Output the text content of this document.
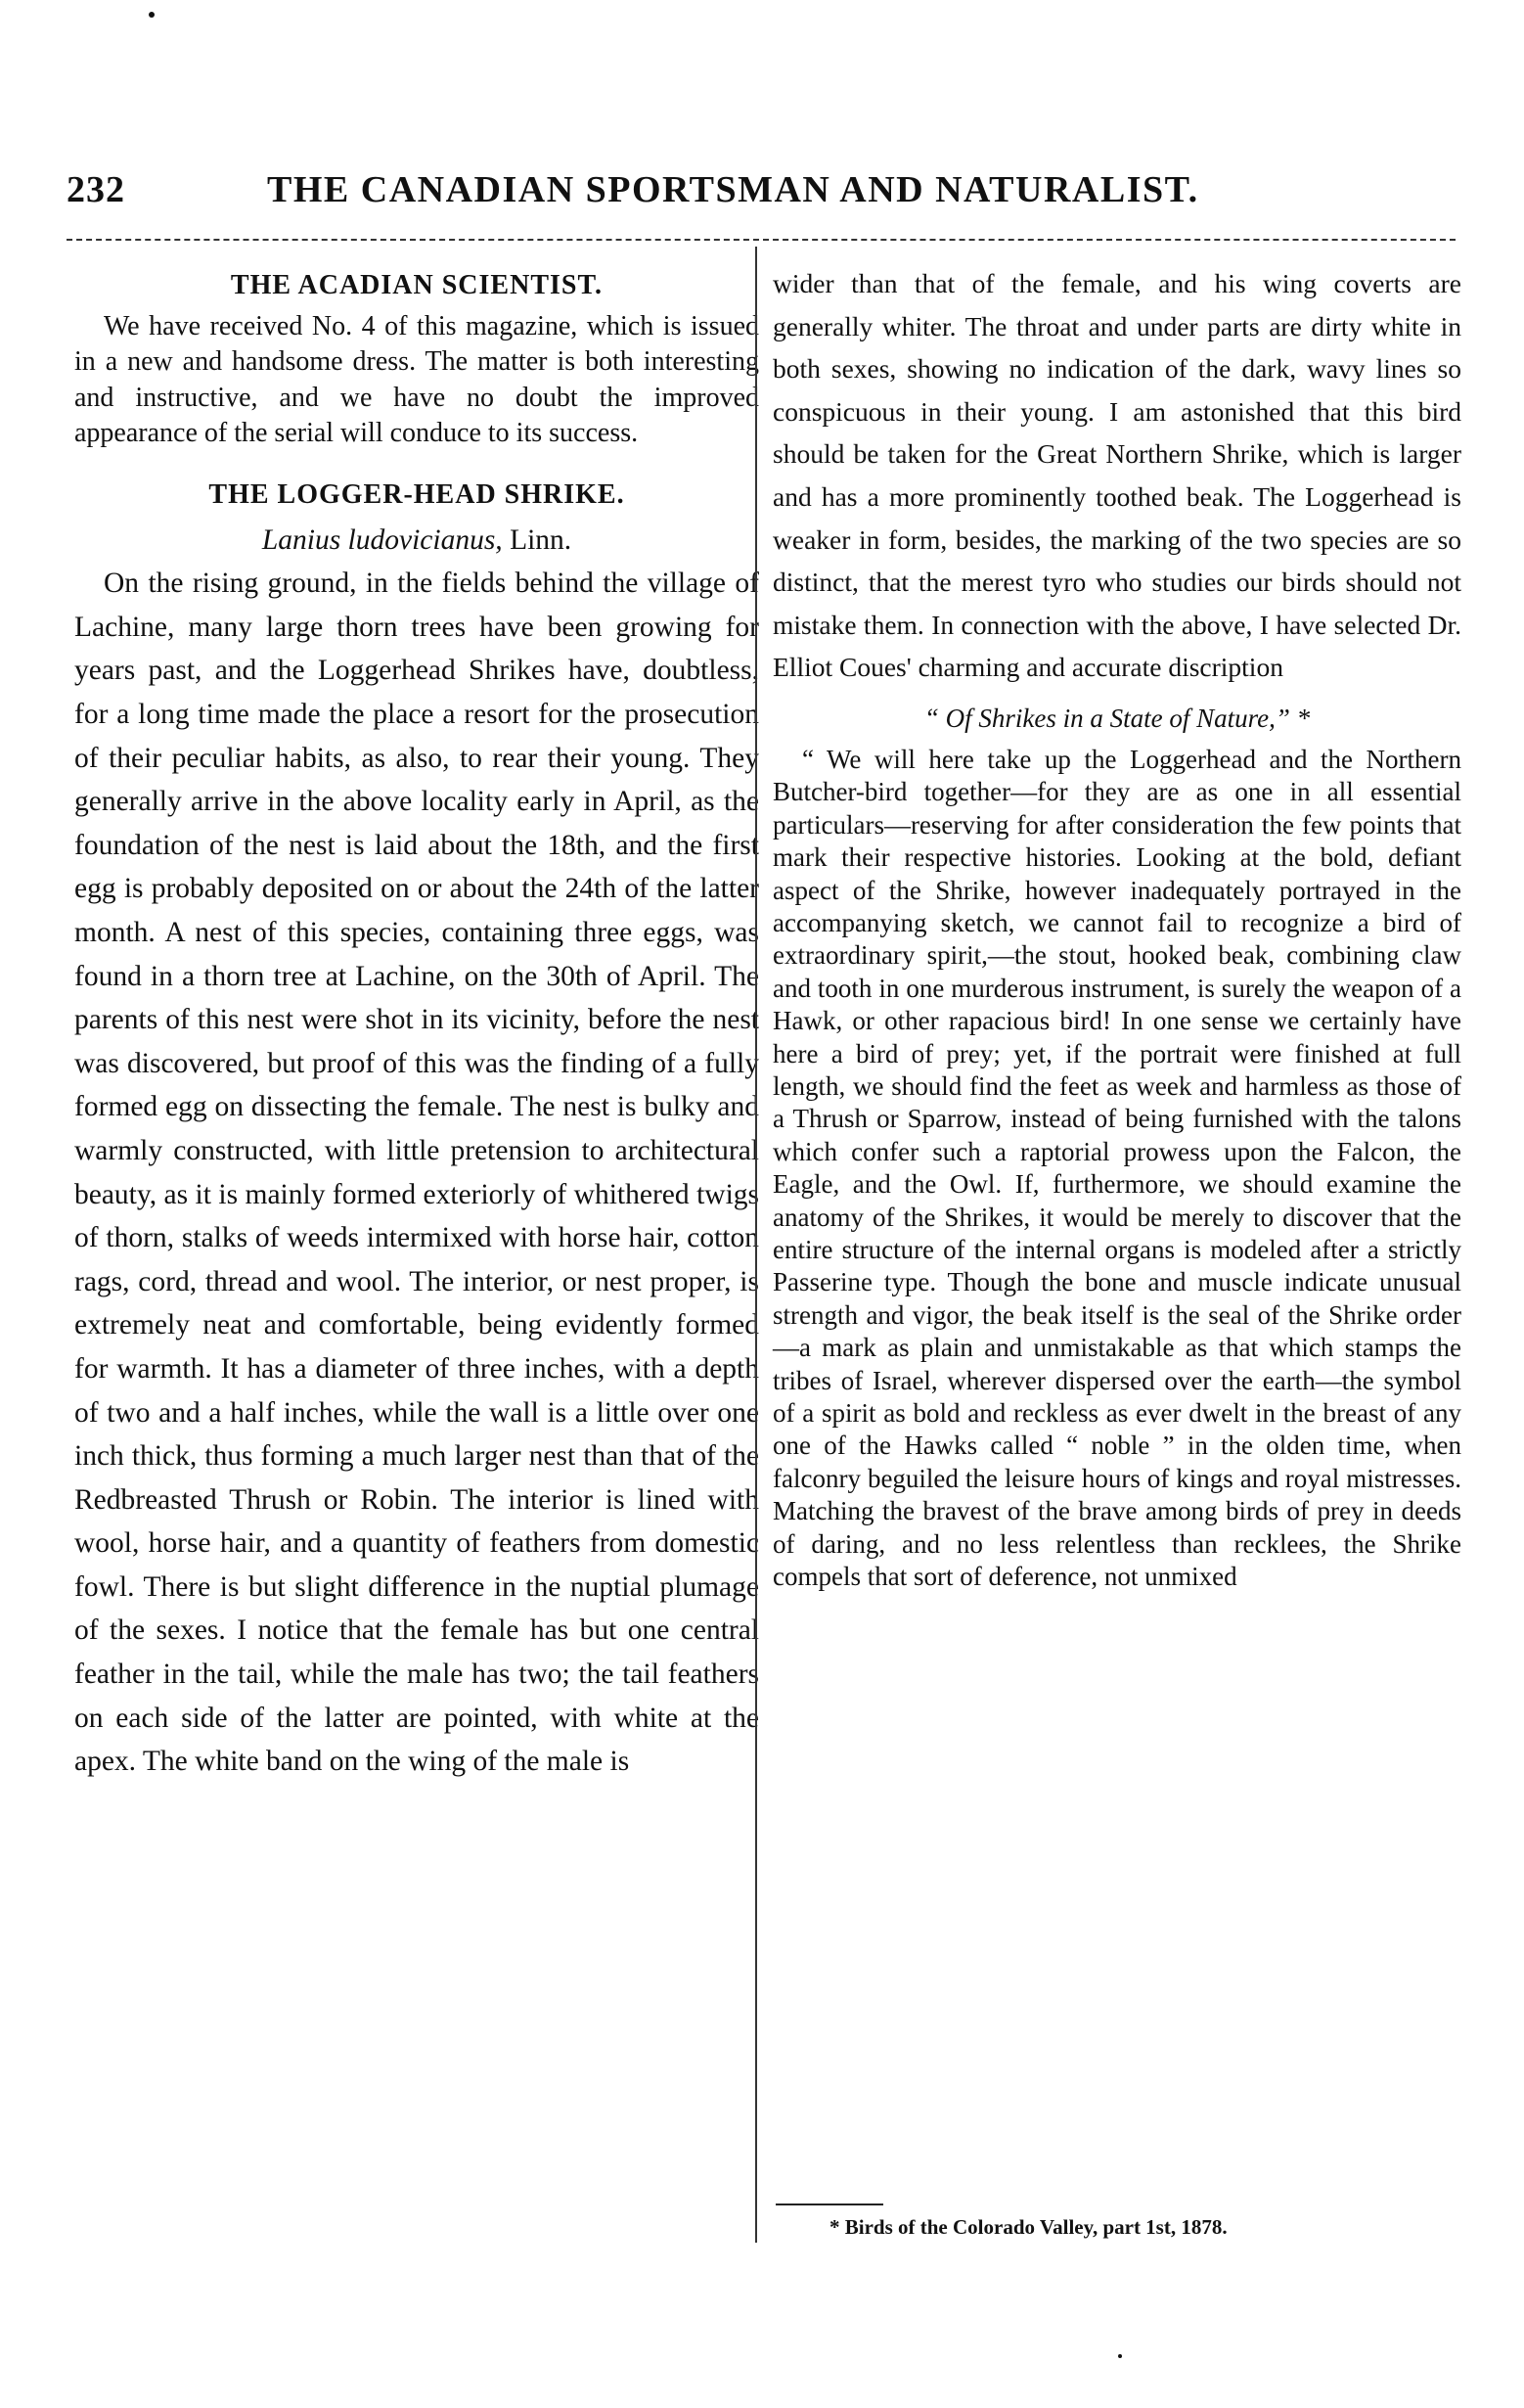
232	THE CANADIAN SPORTSMAN AND NATURALIST.
THE ACADIAN SCIENTIST.

We have received No. 4 of this magazine, which is issued in a new and handsome dress. The matter is both interesting and instructive, and we have no doubt the improved appearance of the serial will conduce to its success.

THE LOGGER-HEAD SHRIKE.

Lanius ludovicianus, Linn.

On the rising ground, in the fields behind the village of Lachine, many large thorn trees have been growing for years past, and the Loggerhead Shrikes have, doubtless, for a long time made the place a resort for the prosecution of their peculiar habits, as also, to rear their young. They generally arrive in the above locality early in April, as the foundation of the nest is laid about the 18th, and the first egg is probably deposited on or about the 24th of the latter month. A nest of this species, containing three eggs, was found in a thorn tree at Lachine, on the 30th of April. The parents of this nest were shot in its vicinity, before the nest was discovered, but proof of this was the finding of a fully formed egg on dissecting the female. The nest is bulky and warmly constructed, with little pretension to architectural beauty, as it is mainly formed exteriorly of whithered twigs of thorn, stalks of weeds intermixed with horse hair, cotton rags, cord, thread and wool. The interior, or nest proper, is extremely neat and comfortable, being evidently formed for warmth. It has a diameter of three inches, with a depth of two and a half inches, while the wall is a little over one inch thick, thus forming a much larger nest than that of the Redbreasted Thrush or Robin. The interior is lined with wool, horse hair, and a quantity of feathers from domestic fowl. There is but slight difference in the nuptial plumage of the sexes. I notice that the female has but one central feather in the tail, while the male has two; the tail feathers on each side of the latter are pointed, with white at the apex. The white band on the wing of the male is

wider than that of the female, and his wing coverts are generally whiter. The throat and under parts are dirty white in both sexes, showing no indication of the dark, wavy lines so conspicuous in their young. I am astonished that this bird should be taken for the Great Northern Shrike, which is larger and has a more prominently toothed beak. The Loggerhead is weaker in form, besides, the marking of the two species are so distinct, that the merest tyro who studies our birds should not mistake them. In connection with the above, I have selected Dr. Elliot Coues' charming and accurate discription

“ Of Shrikes in a State of Nature,” *

“ We will here take up the Loggerhead and the Northern Butcher-bird together—for they are as one in all essential particulars—reserving for after consideration the few points that mark their respective histories. Looking at the bold, defiant aspect of the Shrike, however inadequately portrayed in the accompanying sketch, we cannot fail to recognize a bird of extraordinary spirit,—the stout, hooked beak, combining claw and tooth in one murderous instrument, is surely the weapon of a Hawk, or other rapacious bird! In one sense we certainly have here a bird of prey; yet, if the portrait were finished at full length, we should find the feet as week and harmless as those of a Thrush or Sparrow, instead of being furnished with the talons which confer such a raptorial prowess upon the Falcon, the Eagle, and the Owl. If, furthermore, we should examine the anatomy of the Shrikes, it would be merely to discover that the entire structure of the internal organs is modeled after a strictly Passerine type. Though the bone and muscle indicate unusual strength and vigor, the beak itself is the seal of the Shrike order—a mark as plain and unmistakable as that which stamps the tribes of Israel, wherever dispersed over the earth—the symbol of a spirit as bold and reckless as ever dwelt in the breast of any one of the Hawks called “ noble ” in the olden time, when falconry beguiled the leisure hours of kings and royal mistresses. Matching the bravest of the brave among birds of prey in deeds of daring, and no less relentless than recklees, the Shrike compels that sort of deference, not unmixed

* Birds of the Colorado Valley, part 1st, 1878.
